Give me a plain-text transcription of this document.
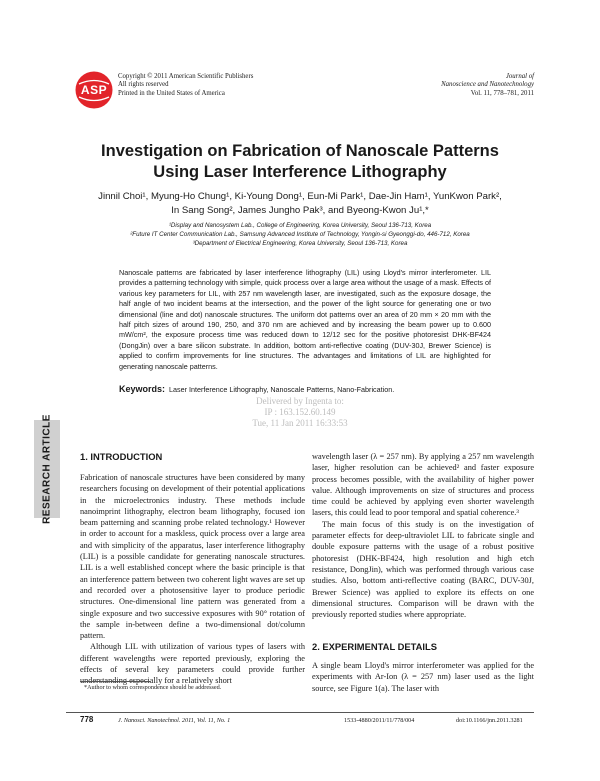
ASP
Copyright © 2011 American Scientific Publishers
All rights reserved
Printed in the United States of America
Journal of
Nanoscience and Nanotechnology
Vol. 11, 778–781, 2011
Investigation on Fabrication of Nanoscale Patterns
Using Laser Interference Lithography
Jinnil Choi¹, Myung-Ho Chung¹, Ki-Young Dong¹, Eun-Mi Park¹, Dae-Jin Ham¹, YunKwon Park²,
In Sang Song², James Jungho Pak³, and Byeong-Kwon Ju¹,*
¹Display and Nanosystem Lab., College of Engineering, Korea University, Seoul 136-713, Korea
²Future IT Center Communication Lab., Samsung Advanced Institute of Technology, Yongin-si Gyeonggi-do, 446-712, Korea
³Department of Electrical Engineering, Korea University, Seoul 136-713, Korea
Nanoscale patterns are fabricated by laser interference lithography (LIL) using Lloyd's mirror interferometer. LIL provides a patterning technology with simple, quick process over a large area without the usage of a mask. Effects of various key parameters for LIL, with 257 nm wavelength laser, are investigated, such as the exposure dosage, the half angle of two incident beams at the intersection, and the power of the light source for generating one or two dimensional (line and dot) nanoscale structures. The uniform dot patterns over an area of 20 mm × 20 mm with the half pitch sizes of around 190, 250, and 370 nm are achieved and by increasing the beam power up to 0.600 mW/cm², the exposure process time was reduced down to 12/12 sec for the positive photoresist DHK-BF424 (DongJin) over a bare silicon substrate. In addition, bottom anti-reflective coating (DUV-30J, Brewer Science) is applied to confirm improvements for line structures. The advantages and limitations of LIL are highlighted for generating nanoscale patterns.
Keywords: Laser Interference Lithography, Nanoscale Patterns, Nano-Fabrication.
Delivered by Ingenta to:
IP : 163.152.60.149
Tue, 11 Jan 2011 16:33:53
RESEARCH ARTICLE	1. INTRODUCTION

Fabrication of nanoscale structures have been considered by many researchers focusing on development of their potential applications in the microelectronics industry. These methods include nanoimprint lithography, electron beam lithography, focused ion beam patterning and scanning probe related technology.¹ However in order to account for a maskless, quick process over a large area and with simplicity of the apparatus, laser interference lithography (LIL) is a possible candidate for generating nanoscale structures. LIL is a well established concept where the basic principle is that an interference pattern between two coherent light waves are set up and recorded over a photosensitive layer to produce periodic structures. One-dimensional line pattern was generated from a single exposure and two successive exposures with 90° rotation of the sample in-between define a two-dimensional dot/column pattern.

Although LIL with utilization of various types of lasers with different wavelengths were reported previously, exploring the effects of several key parameters could provide further understanding especially for a relatively short

wavelength laser (λ = 257 nm). By applying a 257 nm wavelength laser, higher resolution can be achieved² and faster exposure process becomes possible, with the availability of higher power value. Although improvements on size of structures and process time could be achieved by applying even shorter wavelength lasers, this could lead to poor temporal and spatial coherence.³

The main focus of this study is on the investigation of parameter effects for deep-ultraviolet LIL to fabricate single and double exposure patterns with the usage of a robust positive photoresist (DHK-BF424, high resolution and high etch resistance, DongJin), which was performed through various case studies. Also, bottom anti-reflective coating (BARC, DUV-30J, Brewer Science) was applied to explore its effects on one dimensional structures. Comparison will be drawn with the previously reported studies where appropriate.

2. EXPERIMENTAL DETAILS

A single beam Lloyd's mirror interferometer was applied for the experiments with Ar-Ion (λ = 257 nm) laser used as the light source, see Figure 1(a). The laser with

*Author to whom correspondence should be addressed.
778	J. Nanosci. Nanotechnol. 2011, Vol. 11, No. 1	1533-4880/2011/11/778/004	doi:10.1166/jnn.2011.3281
